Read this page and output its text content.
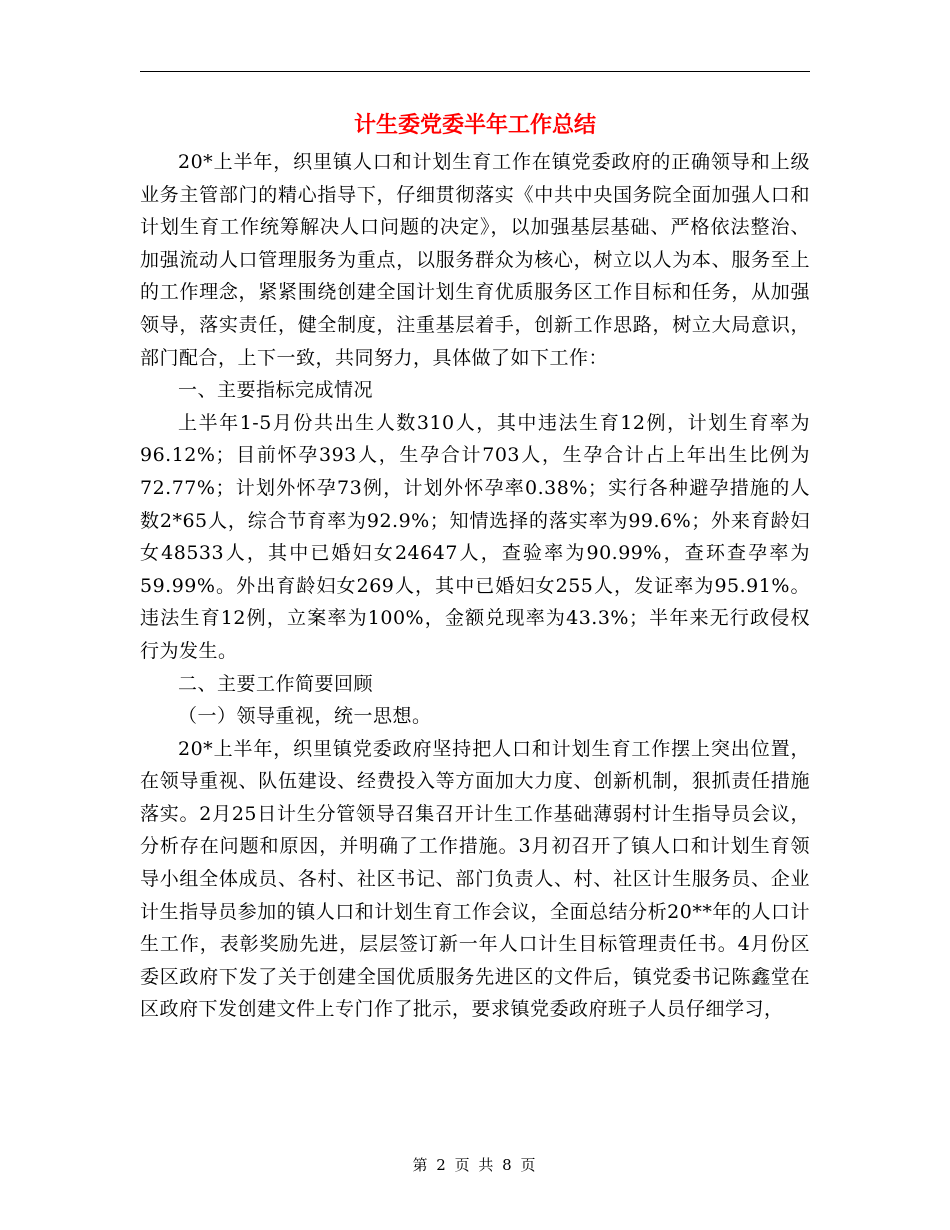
计生委党委半年工作总结

20*上半年，织里镇人口和计划生育工作在镇党委政府的正确领导和上级业务主管部门的精心指导下，仔细贯彻落实《中共中央国务院全面加强人口和计划生育工作统筹解决人口问题的决定》，以加强基层基础、严格依法整治、加强流动人口管理服务为重点，以服务群众为核心，树立以人为本、服务至上的工作理念，紧紧围绕创建全国计划生育优质服务区工作目标和任务，从加强领导，落实责任，健全制度，注重基层着手，创新工作思路，树立大局意识，部门配合，上下一致，共同努力，具体做了如下工作：

一、主要指标完成情况

上半年1-5月份共出生人数310人，其中违法生育12例，计划生育率为96.12%；目前怀孕393人，生孕合计703人，生孕合计占上年出生比例为72.77%；计划外怀孕73例，计划外怀孕率0.38%；实行各种避孕措施的人数2*65人，综合节育率为92.9%；知情选择的落实率为99.6%；外来育龄妇女48533人，其中已婚妇女24647人，查验率为90.99%，查环查孕率为59.99%。外出育龄妇女269人，其中已婚妇女255人，发证率为95.91%。违法生育12例，立案率为100%，金额兑现率为43.3%；半年来无行政侵权行为发生。

二、主要工作简要回顾

（一）领导重视，统一思想。

20*上半年，织里镇党委政府坚持把人口和计划生育工作摆上突出位置，在领导重视、队伍建设、经费投入等方面加大力度、创新机制，狠抓责任措施落实。2月25日计生分管领导召集召开计生工作基础薄弱村计生指导员会议，分析存在问题和原因，并明确了工作措施。3月初召开了镇人口和计划生育领导小组全体成员、各村、社区书记、部门负责人、村、社区计生服务员、企业计生指导员参加的镇人口和计划生育工作会议，全面总结分析20**年的人口计生工作，表彰奖励先进，层层签订新一年人口计生目标管理责任书。4月份区委区政府下发了关于创建全国优质服务先进区的文件后，镇党委书记陈鑫堂在区政府下发创建文件上专门作了批示，要求镇党委政府班子人员仔细学习，

第 2 页 共 8 页
